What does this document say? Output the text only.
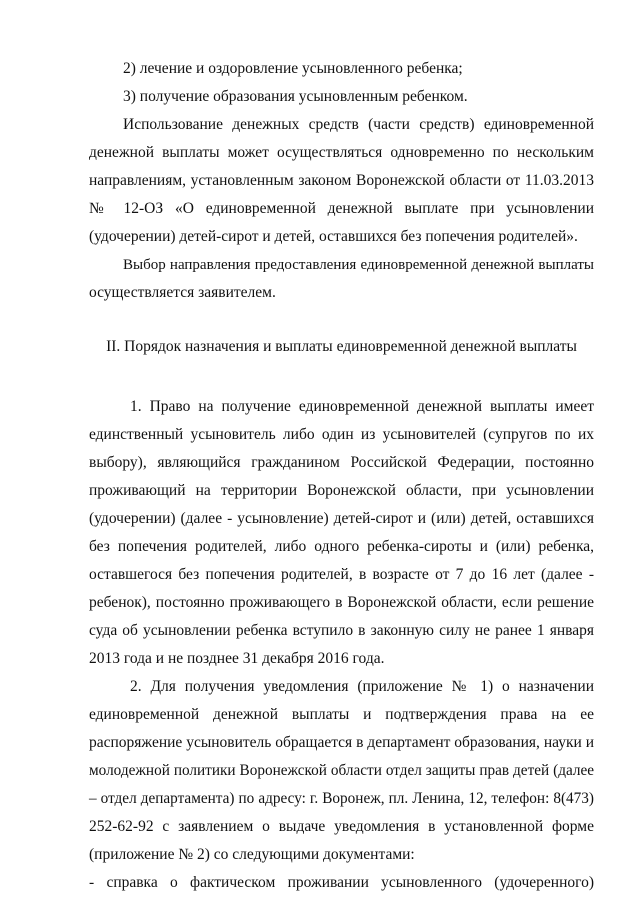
2) лечение и оздоровление усыновленного ребенка;

3) получение образования усыновленным ребенком.

Использование денежных средств (части средств) единовременной

денежной выплаты может осуществляться одновременно по нескольким

направлениям, установленным законом Воронежской области от 11.03.2013

№ 12-ОЗ «О единовременной денежной выплате при усыновлении

(удочерении) детей-сирот и детей, оставшихся без попечения родителей».

Выбор направления предоставления единовременной денежной выплаты

осуществляется заявителем.

II. Порядок назначения и выплаты единовременной денежной выплаты

1. Право на получение единовременной денежной выплаты имеет

единственный усыновитель либо один из усыновителей (супругов по их

выбору), являющийся гражданином Российской Федерации, постоянно

проживающий на территории Воронежской области, при усыновлении

(удочерении) (далее - усыновление) детей-сирот и (или) детей, оставшихся

без попечения родителей, либо одного ребенка-сироты и (или) ребенка,

оставшегося без попечения родителей, в возрасте от 7 до 16 лет (далее -

ребенок), постоянно проживающего в Воронежской области, если решение

суда об усыновлении ребенка вступило в законную силу не ранее 1 января

2013 года и не позднее 31 декабря 2016 года.

2. Для получения уведомления (приложение № 1) о назначении

единовременной денежной выплаты и подтверждения права на ее

распоряжение усыновитель обращается в департамент образования, науки и

молодежной политики Воронежской области отдел защиты прав детей (далее

– отдел департамента) по адресу: г. Воронеж, пл. Ленина, 12, телефон: 8(473)

252-62-92 с заявлением о выдаче уведомления в установленной форме

(приложение № 2) со следующими документами:

- справка о фактическом проживании усыновленного (удочеренного)
